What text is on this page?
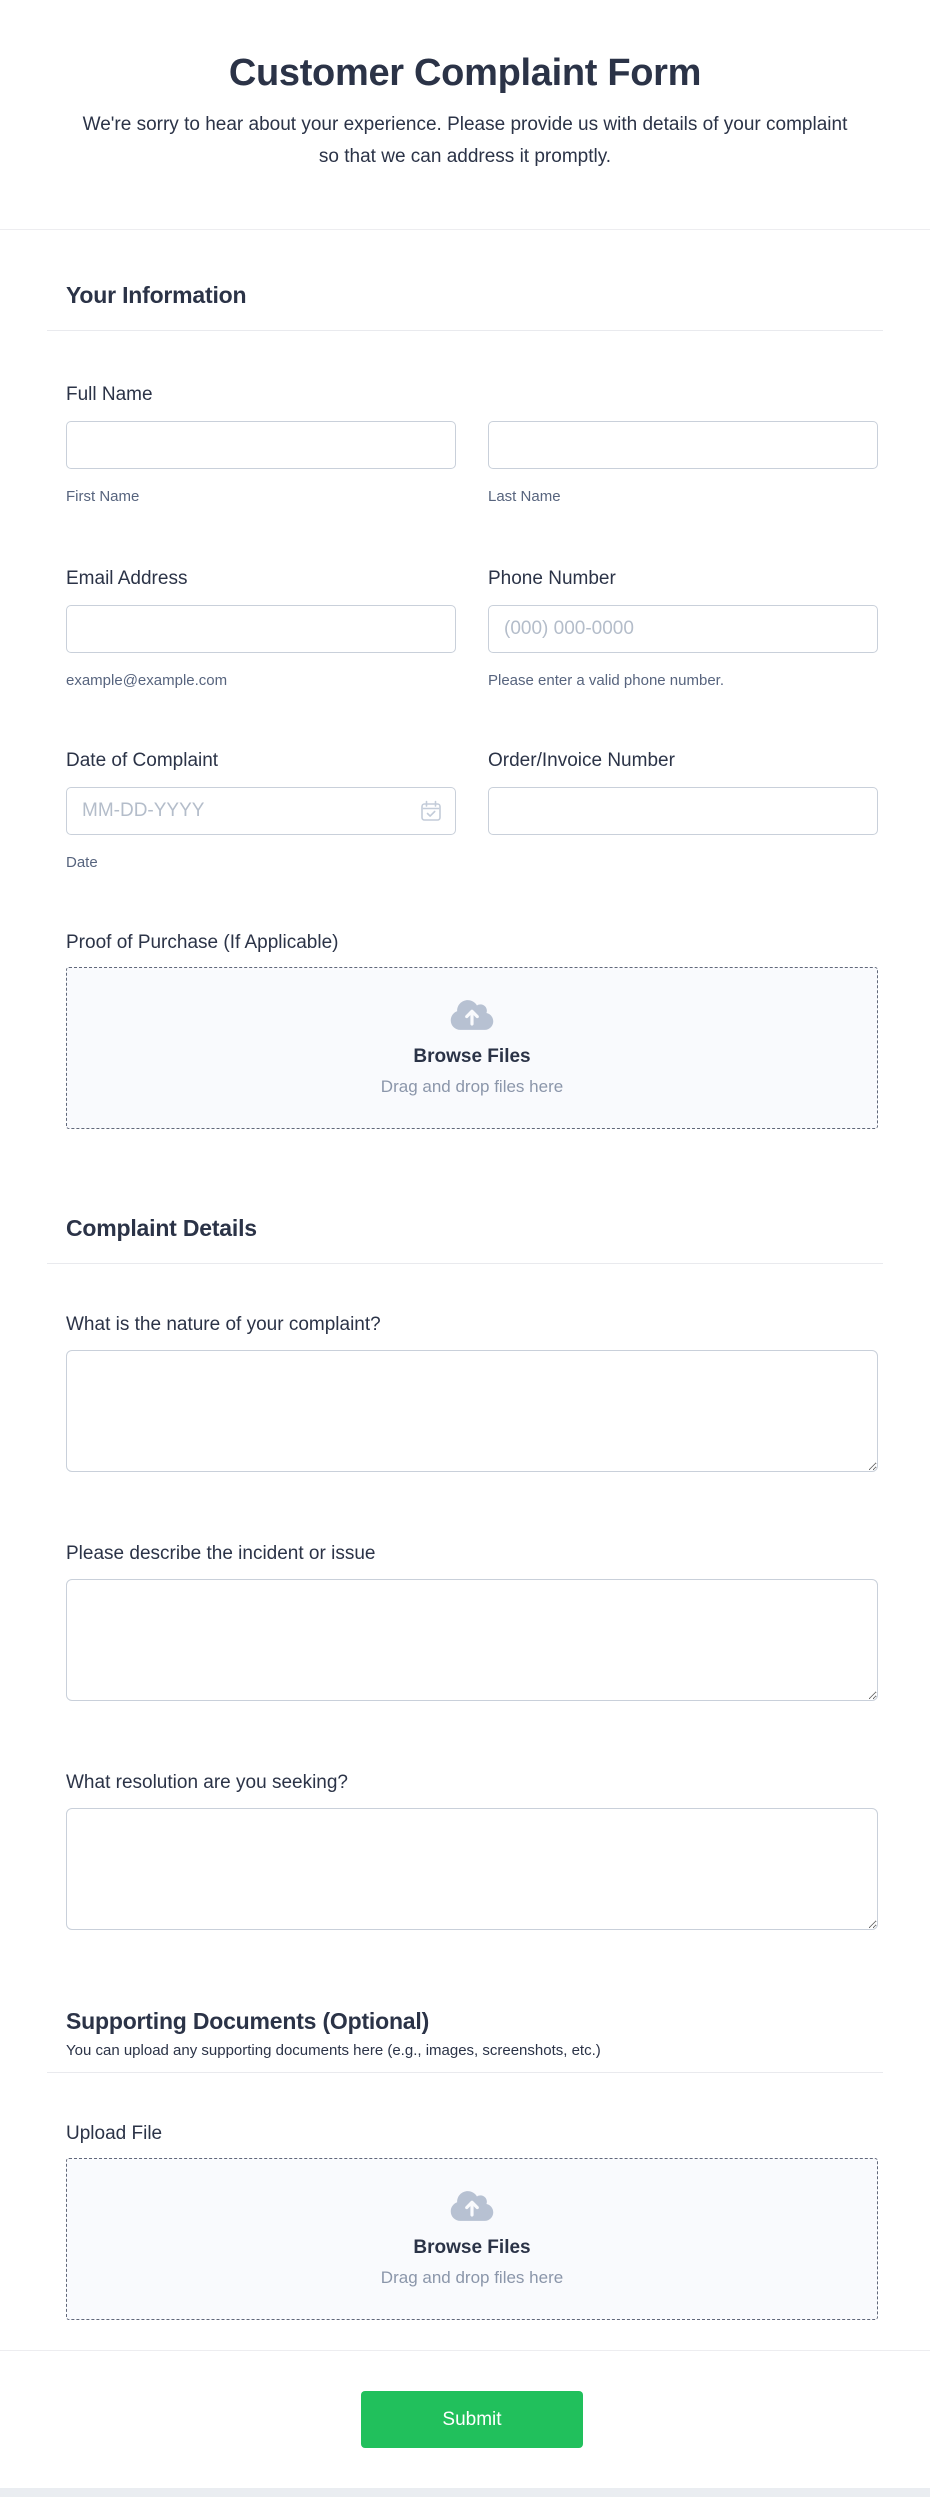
Customer Complaint Form

We're sorry to hear about your experience. Please provide us with details of your complaint so that we can address it promptly.

Your Information
Full Name
First Name	Last Name
Email Address
example@example.com
Phone Number
(000) 000-0000
Please enter a valid phone number.
Date of Complaint
MM-DD-YYYY
Date
Order/Invoice Number
Proof of Purchase (If Applicable)
Browse Files
Drag and drop files here
Complaint Details
What is the nature of your complaint?
Please describe the incident or issue
What resolution are you seeking?
Supporting Documents (Optional)

You can upload any supporting documents here (e.g., images, screenshots, etc.)

Upload File
Browse Files
Drag and drop files here
Submit
